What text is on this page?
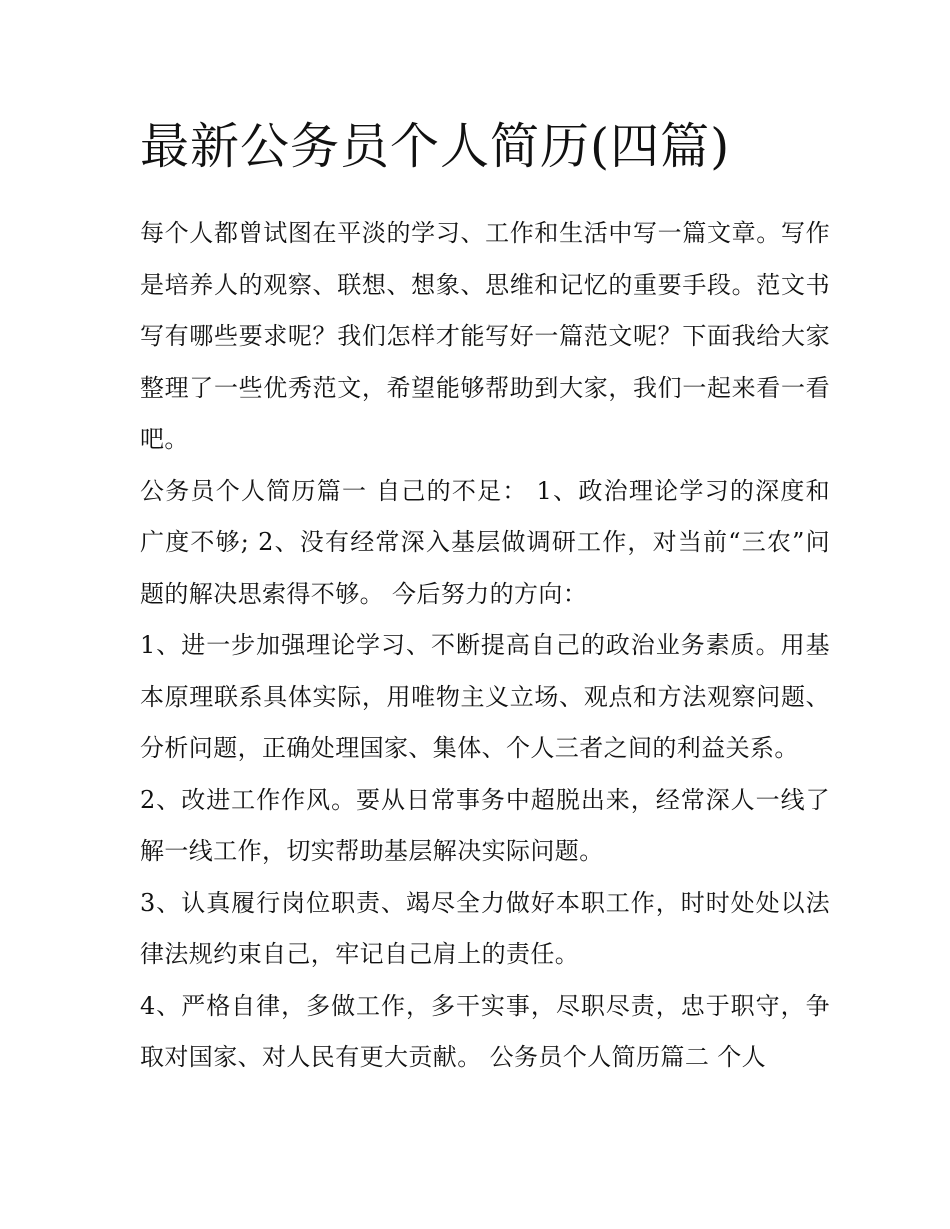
最新公务员个人简历(四篇)

每个人都曾试图在平淡的学习、工作和生活中写一篇文章。写作是培养人的观察、联想、想象、思维和记忆的重要手段。范文书写有哪些要求呢？我们怎样才能写好一篇范文呢？下面我给大家整理了一些优秀范文，希望能够帮助到大家，我们一起来看一看吧。

公务员个人简历篇一 自己的不足： 1、政治理论学习的深度和广度不够; 2、没有经常深入基层做调研工作，对当前“三农”问题的解决思索得不够。 今后努力的方向：

1、进一步加强理论学习、不断提高自己的政治业务素质。用基本原理联系具体实际，用唯物主义立场、观点和方法观察问题、分析问题，正确处理国家、集体、个人三者之间的利益关系。

2、改进工作作风。要从日常事务中超脱出来，经常深人一线了解一线工作，切实帮助基层解决实际问题。

3、认真履行岗位职责、竭尽全力做好本职工作，时时处处以法律法规约束自己，牢记自己肩上的责任。

4、严格自律，多做工作，多干实事，尽职尽责，忠于职守，争取对国家、对人民有更大贡献。 公务员个人简历篇二 个人
